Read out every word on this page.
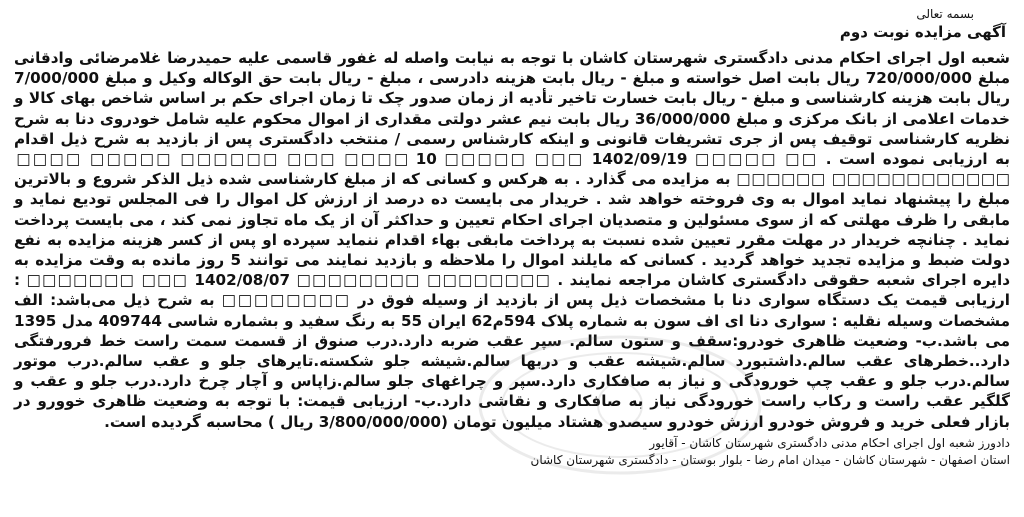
بسمه تعالی
آگهی مزایده نوبت دوم
شعبه اول اجرای احکام مدنی دادگستری شهرستان کاشان با توجه به نیابت واصله له غفور قاسمی علیه حمیدرضا غلامرضائی وادقانی مبلغ 720/000/000 ریال بابت اصل خواسته و مبلغ - ریال بابت هزینه دادرسی ، مبلغ - ریال بابت حق الوکاله وکیل و مبلغ 7/000/000 ریال بابت هزینه کارشناسی و مبلغ - ریال بابت خسارت تاخیر تأدیه از زمان صدور چک تا زمان اجرای حکم بر اساس شاخص بهای کالا و خدمات اعلامی از بانک مرکزی و مبلغ 36/000/000 ریال بابت نیم عشر دولتی مقداری از اموال محکوم علیه شامل خودروی دنا به شرح نظریه کارشناسی توقیف پس از جری تشریفات قانونی و اینکه کارشناس رسمی / منتخب دادگستری پس از بازدید به شرح ذیل اقدام به ارزیابی نموده است . □□ □□□□□ 1402/09/19 □□□ □□□□□ 10 □□□□ □□□ □□□□□□ □□□□□ □□□□ □□□□□□□□□□□□ □□□□□□ به مزایده می گذارد . به هرکس و کسانی که از مبلغ کارشناسی شده ذیل الذکر شروع و بالاترین مبلغ را پیشنهاد نماید اموال به وی فروخته خواهد شد . خریدار می بایست ده درصد از ارزش کل اموال را فی المجلس تودیع نماید و مابقی را ظرف مهلتی که از سوی مسئولین و متصدیان اجرای احکام تعیین و حداکثر آن از یک ماه تجاوز نمی کند ، می بایست پرداخت نماید . چنانچه خریدار در مهلت مقرر تعیین شده نسبت به پرداخت مابقی بهاء اقدام ننماید سپرده او پس از کسر هزینه مزایده به نفع دولت ضبط و مزایده تجدید خواهد گردید . کسانی که مایلند اموال را ملاحظه و بازدید نمایند می توانند 5 روز مانده به وقت مزایده به دایره اجرای شعبه حقوقی دادگستری کاشان مراجعه نمایند . □□□□□□□□ □□□□□□□□ 1402/08/07 □□□ □□□□□□□ : ارزیابی قیمت یک دستگاه سواری دنا با مشخصات ذیل پس از بازدید از وسیله فوق در □□□□□□□□ به شرح ذیل می‌باشد: الف مشخصات وسیله نقلیه : سواری دنا ای اف سون به شماره پلاک 594م62 ایران 55 به رنگ سفید و بشماره شاسی 409744 مدل 1395 می باشد.ب- وضعیت ظاهری خودرو:سقف و ستون سالم. سپر عقب ضربه دارد.درب صنوق از قسمت سمت راست خط فرورفتگی دارد..خطرهای عقب سالم.داشتبورد سالم.شیشه عقب و دربها سالم.شیشه جلو شکسته.تایرهای جلو و عقب سالم.درب موتور سالم.درب جلو و عقب چپ خورودگی و نیاز به صافکاری دارد.سپر و چراغهای جلو سالم.زاپاس و آچار چرخ دارد.درب جلو و عقب و گلگیر عقب راست و رکاب راست خورودگی نیاز به صافکاری و نقاشی دارد.ب- ارزیابی قیمت: با توجه به وضعیت ظاهری خوورو در بازار فعلی خرید و فروش خودرو ارزش خودرو سیصدو هشتاد میلیون تومان (3/800/000/000 ریال ) محاسبه گردیده است.
دادورز شعبه اول اجرای احکام مدنی دادگستری شهرستان کاشان - آقایور
استان اصفهان - شهرستان کاشان - میدان امام رضا - بلوار بوستان - دادگستری شهرستان کاشان
